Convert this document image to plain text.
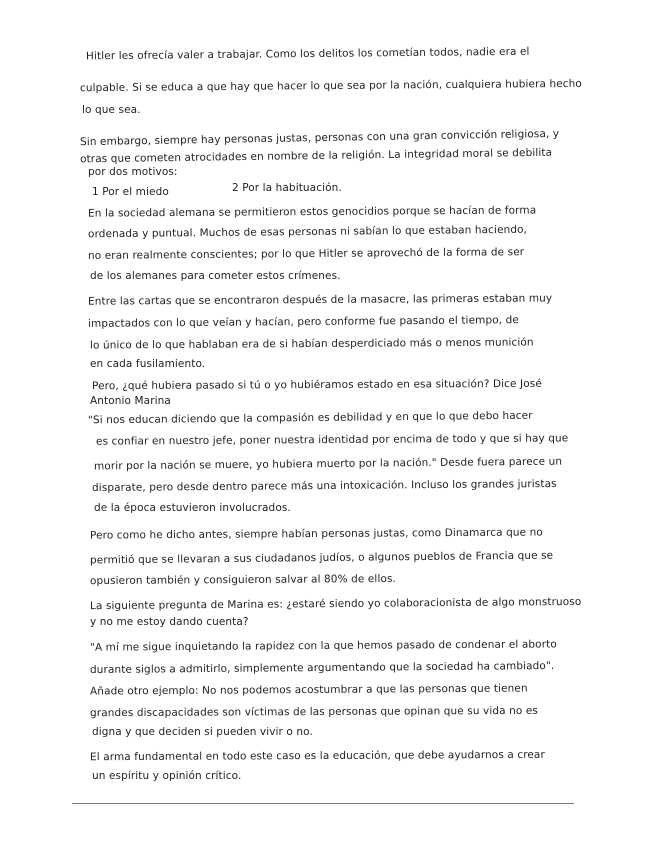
Hitler les ofrecía valer a trabajar. Como los delitos los cometían todos, nadie era el
culpable. Si se educa a que hay que hacer lo que sea por la nación, cualquiera hubiera hecho
lo que sea.
Sin embargo, siempre hay personas justas, personas con una gran convicción religiosa, y
otras que cometen atrocidades en nombre de la religión. La integridad moral se debilita
por dos motivos:
1 Por el miedo	2 Por la habituación.
En la sociedad alemana se permitieron estos genocidios porque se hacían de forma
ordenada y puntual. Muchos de esas personas ni sabían lo que estaban haciendo,
no eran realmente conscientes; por lo que Hitler se aprovechó de la forma de ser
de los alemanes para cometer estos crímenes.
Entre las cartas que se encontraron después de la masacre, las primeras estaban muy
impactados con lo que veían y hacían, pero conforme fue pasando el tiempo, de
lo único de lo que hablaban era de si habían desperdiciado más o menos munición
en cada fusilamiento.
Pero, ¿qué hubiera pasado si tú o yo hubiéramos estado en esa situación? Dice José
Antonio Marina
"Si nos educan diciendo que la compasión es debilidad y en que lo que debo hacer
es confiar en nuestro jefe, poner nuestra identidad por encima de todo y que si hay que
morir por la nación se muere, yo hubiera muerto por la nación." Desde fuera parece un
disparate, pero desde dentro parece más una intoxicación. Incluso los grandes juristas
de la época estuvieron involucrados.
Pero como he dicho antes, siempre habían personas justas, como Dinamarca que no
permitió que se llevaran a sus ciudadanos judíos, o algunos pueblos de Francia que se
opusieron también y consiguieron salvar al 80% de ellos.
La siguiente pregunta de Marina es: ¿estaré siendo yo colaboracionista de algo monstruoso
y no me estoy dando cuenta?
"A mí me sigue inquietando la rapidez con la que hemos pasado de condenar el aborto
durante siglos a admitirlo, simplemente argumentando que la sociedad ha cambiado".
Añade otro ejemplo: No nos podemos acostumbrar a que las personas que tienen
grandes discapacidades son víctimas de las personas que opinan que su vida no es
digna y que deciden si pueden vivir o no.
El arma fundamental en todo este caso es la educación, que debe ayudarnos a crear
un espíritu y opinión crítico.
